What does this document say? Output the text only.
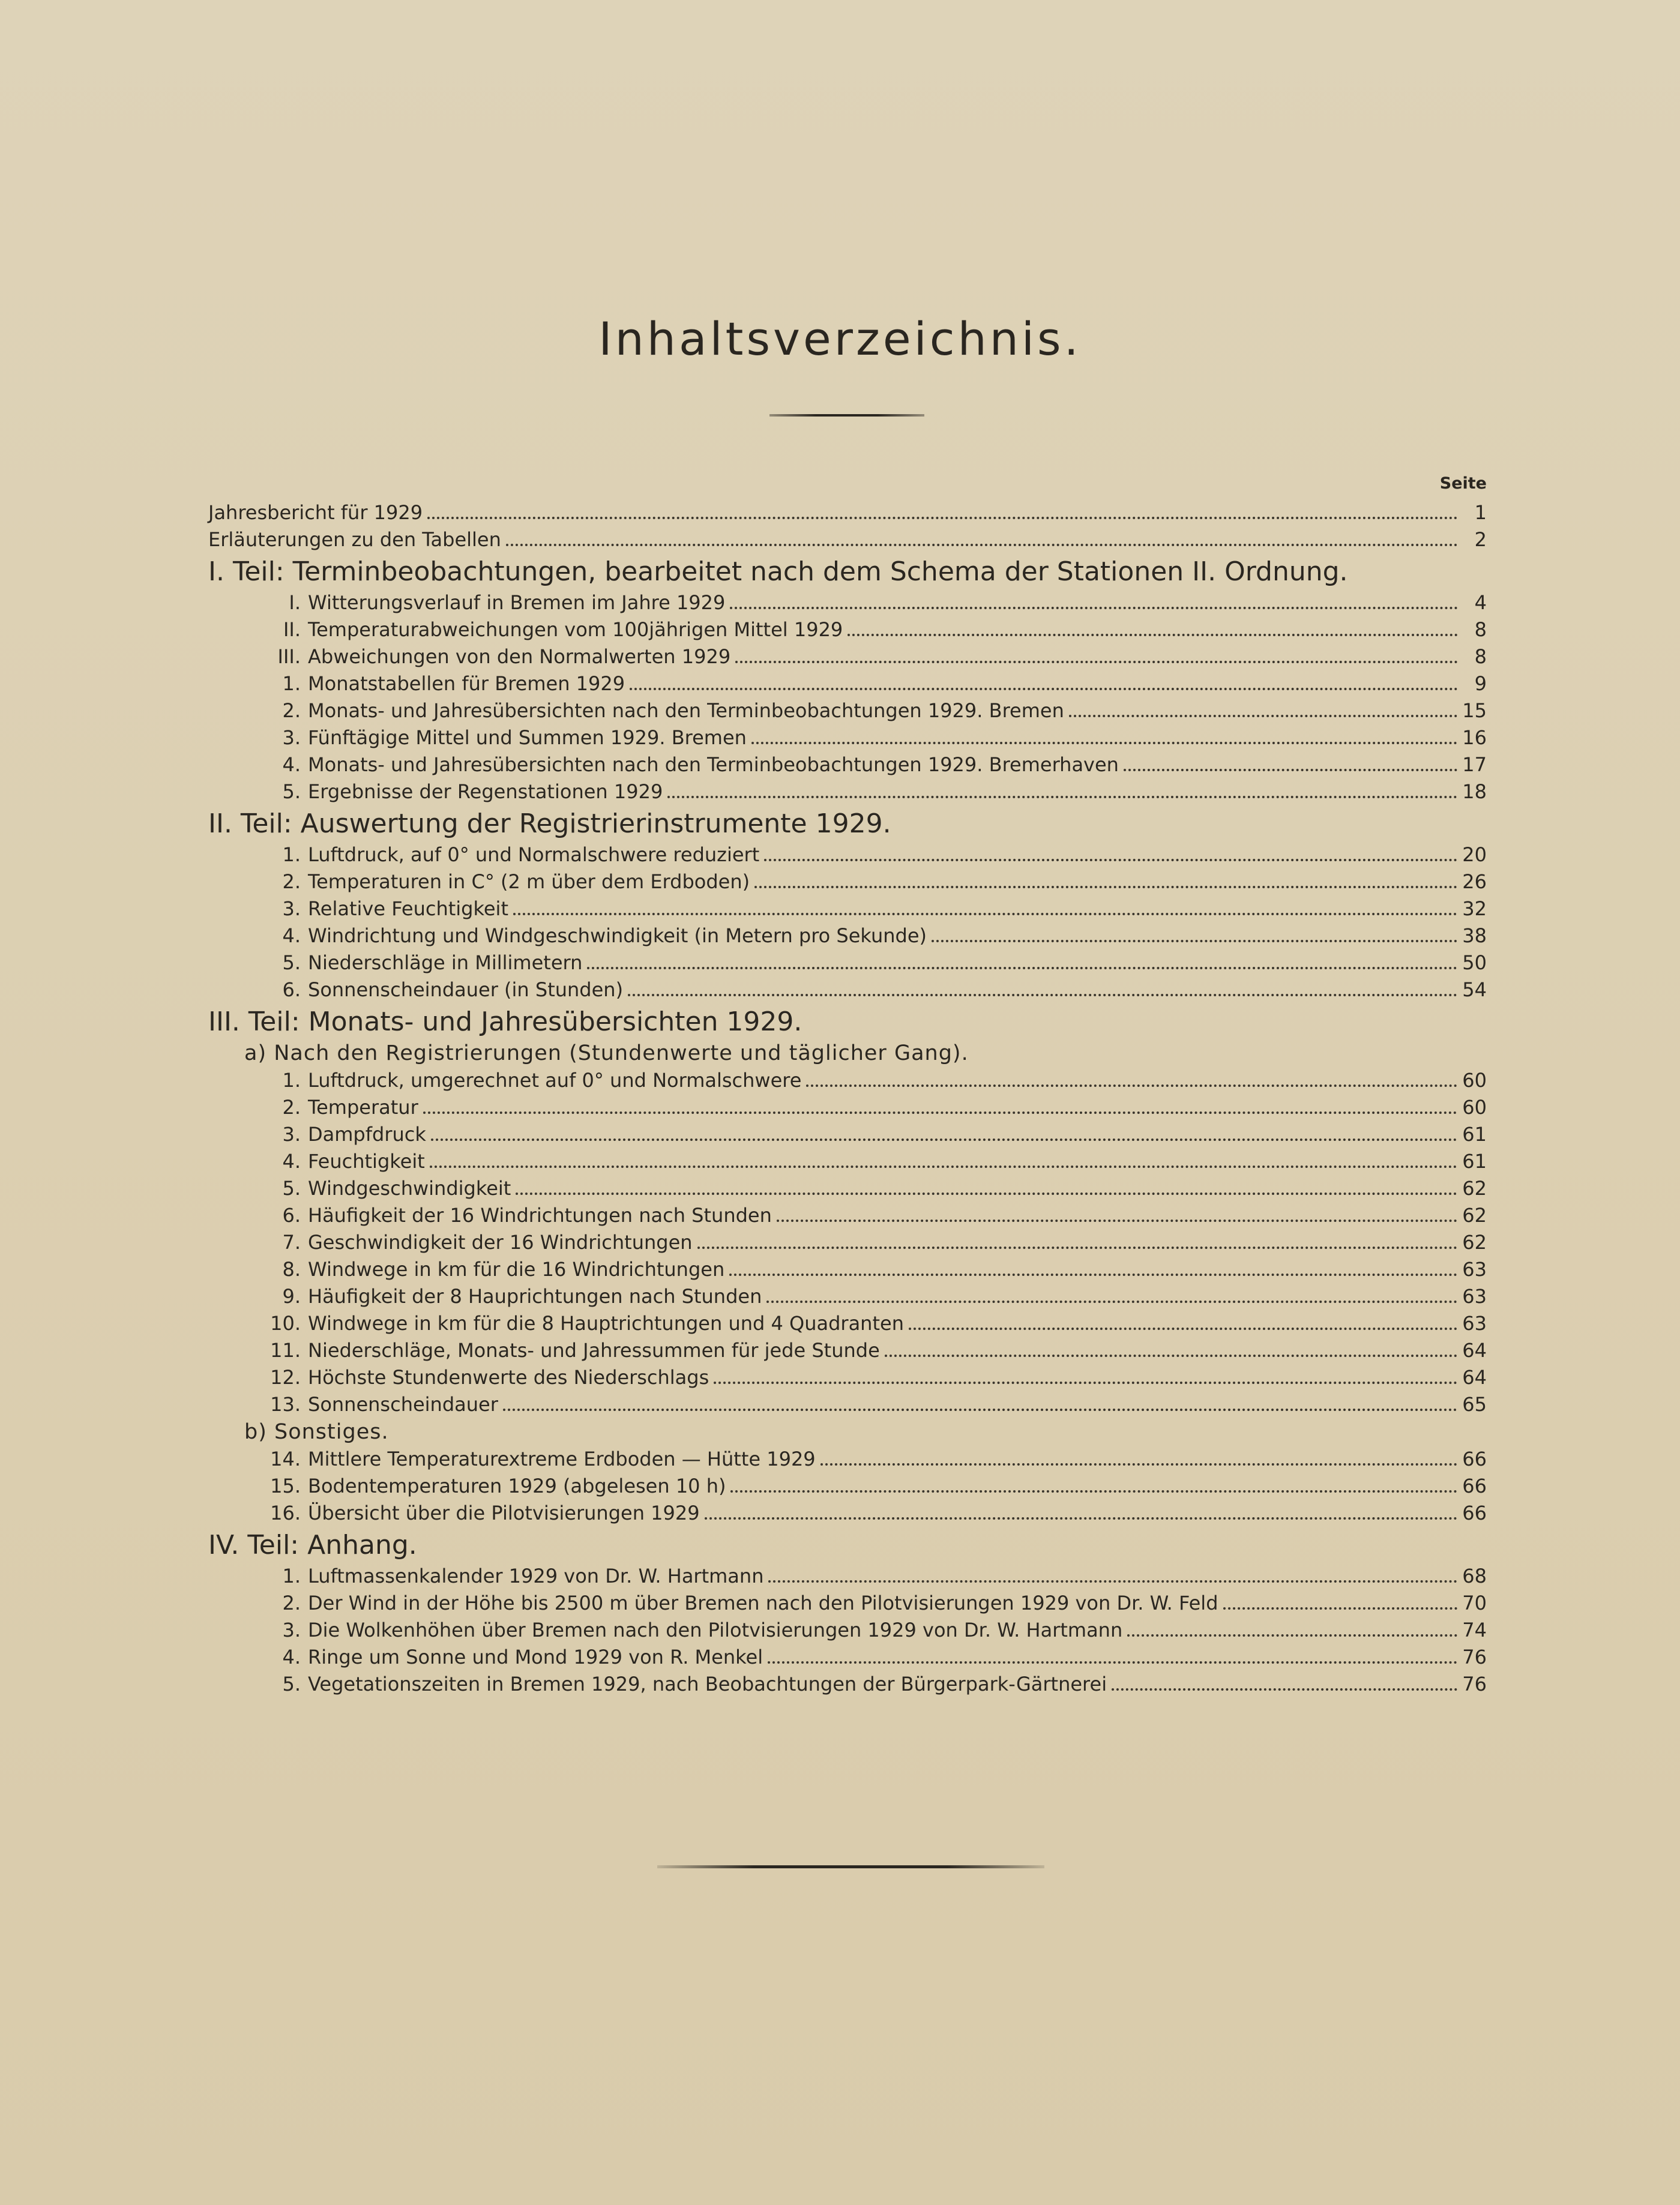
Inhaltsverzeichnis.
Seite
Jahresbericht für 1929	1
Erläuterungen zu den Tabellen	2
I. Teil: Terminbeobachtungen, bearbeitet nach dem Schema der Stationen II. Ordnung.
I. Witterungsverlauf in Bremen im Jahre 1929	4
II. Temperaturabweichungen vom 100jährigen Mittel 1929	8
III. Abweichungen von den Normalwerten 1929	8
1. Monatstabellen für Bremen 1929	9
2. Monats- und Jahresübersichten nach den Terminbeobachtungen 1929. Bremen	15
3. Fünftägige Mittel und Summen 1929. Bremen	16
4. Monats- und Jahresübersichten nach den Terminbeobachtungen 1929. Bremerhaven	17
5. Ergebnisse der Regenstationen 1929	18
II. Teil: Auswertung der Registrierinstrumente 1929.
1. Luftdruck, auf 0° und Normalschwere reduziert	20
2. Temperaturen in C° (2 m über dem Erdboden)	26
3. Relative Feuchtigkeit	32
4. Windrichtung und Windgeschwindigkeit (in Metern pro Sekunde)	38
5. Niederschläge in Millimetern	50
6. Sonnenscheindauer (in Stunden)	54
III. Teil: Monats- und Jahresübersichten 1929.
a) Nach den Registrierungen (Stundenwerte und täglicher Gang).
1. Luftdruck, umgerechnet auf 0° und Normalschwere	60
2. Temperatur	60
3. Dampfdruck	61
4. Feuchtigkeit	61
5. Windgeschwindigkeit	62
6. Häufigkeit der 16 Windrichtungen nach Stunden	62
7. Geschwindigkeit der 16 Windrichtungen	62
8. Windwege in km für die 16 Windrichtungen	63
9. Häufigkeit der 8 Hauprichtungen nach Stunden	63
10. Windwege in km für die 8 Hauptrichtungen und 4 Quadranten	63
11. Niederschläge, Monats- und Jahressummen für jede Stunde	64
12. Höchste Stundenwerte des Niederschlags	64
13. Sonnenscheindauer	65
b) Sonstiges.
14. Mittlere Temperaturextreme Erdboden — Hütte 1929	66
15. Bodentemperaturen 1929 (abgelesen 10 h)	66
16. Übersicht über die Pilotvisierungen 1929	66
IV. Teil: Anhang.
1. Luftmassenkalender 1929 von Dr. W. Hartmann	68
2. Der Wind in der Höhe bis 2500 m über Bremen nach den Pilotvisierungen 1929 von Dr. W. Feld	70
3. Die Wolkenhöhen über Bremen nach den Pilotvisierungen 1929 von Dr. W. Hartmann	74
4. Ringe um Sonne und Mond 1929 von R. Menkel	76
5. Vegetationszeiten in Bremen 1929, nach Beobachtungen der Bürgerpark-Gärtnerei	76
